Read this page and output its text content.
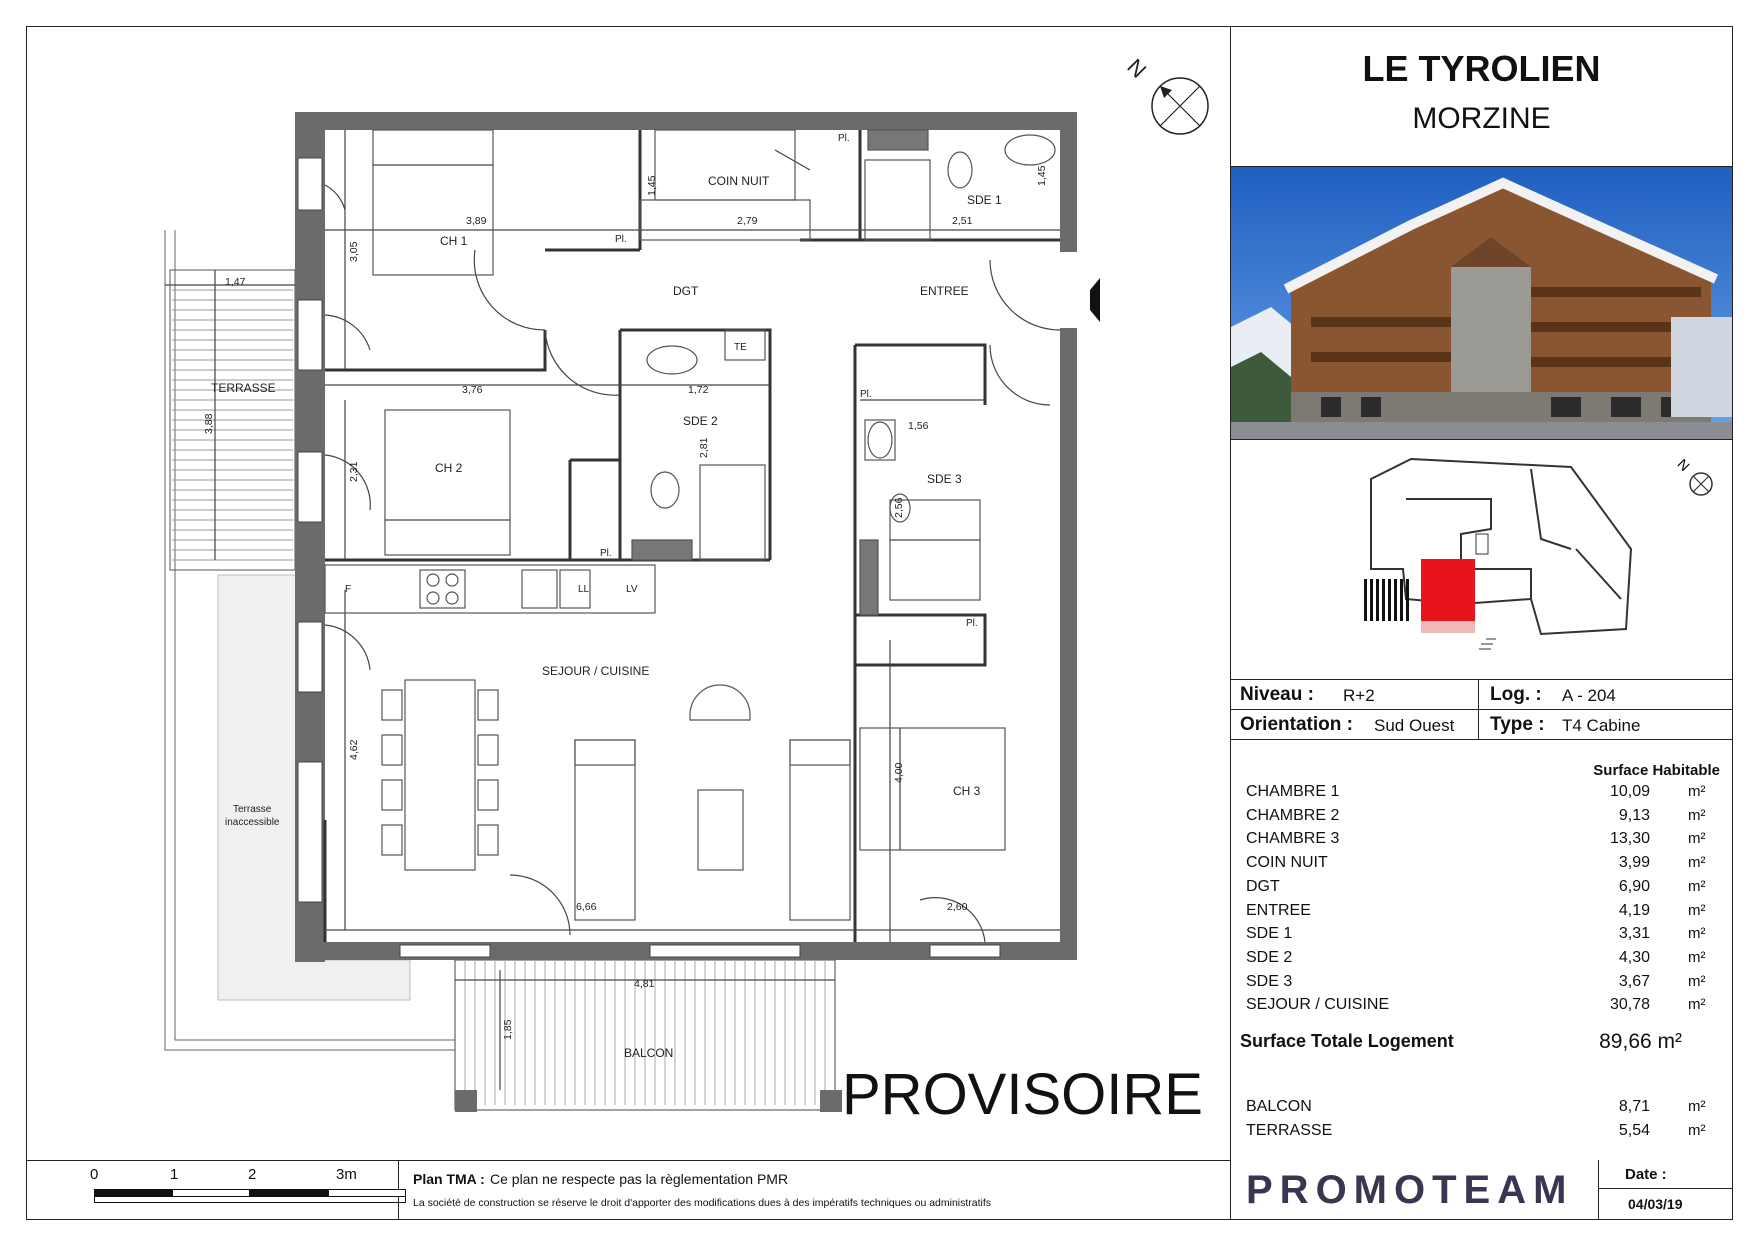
LE TYROLIEN
MORZINE
N
Niveau : R+2	Log. : A - 204
Orientation : Sud Ouest Type : T4 Cabine
Surface Habitable
CHAMBRE 1	10,09	m²
CHAMBRE 2	9,13	m²
CHAMBRE 3	13,30	m²
COIN NUIT	3,99	m²
DGT	6,90	m²
ENTREE	4,19	m²
SDE 1	3,31	m²
SDE 2	4,30	m²
SDE 3	3,67	m²
SEJOUR / CUISINE	30,78	m²
Surface Totale Logement	89,66 m²
BALCON	8,71	m²
TERRASSE	5,54	m²
Plan TMA : Ce plan ne respecte pas la règlementation PMR
La société de construction se réserve le droit d'apporter des modifications dues à des impératifs techniques ou administratifs	PROMOTEAM	Date :
04/03/19
0	1	2	3m
CH 1
COIN NUIT
SDE 1
DGT	ENTREE
TERRASSE
CH 2
SDE 2
SDE 3
SEJOUR / CUISINE
CH 3
BALCON
Terrasse
inaccessible
Pl.
Pl.
Pl.
Pl.
Pl.
TE
F	LL	LV
3,89
3,05
1,45
2,79	2,51
1,45
1,47
3,88
3,76	1,72
2,31
2,81
1,56
2,56
4,62
4,00
6,66	2,60
4,81
1,85
N
PROVISOIRE
